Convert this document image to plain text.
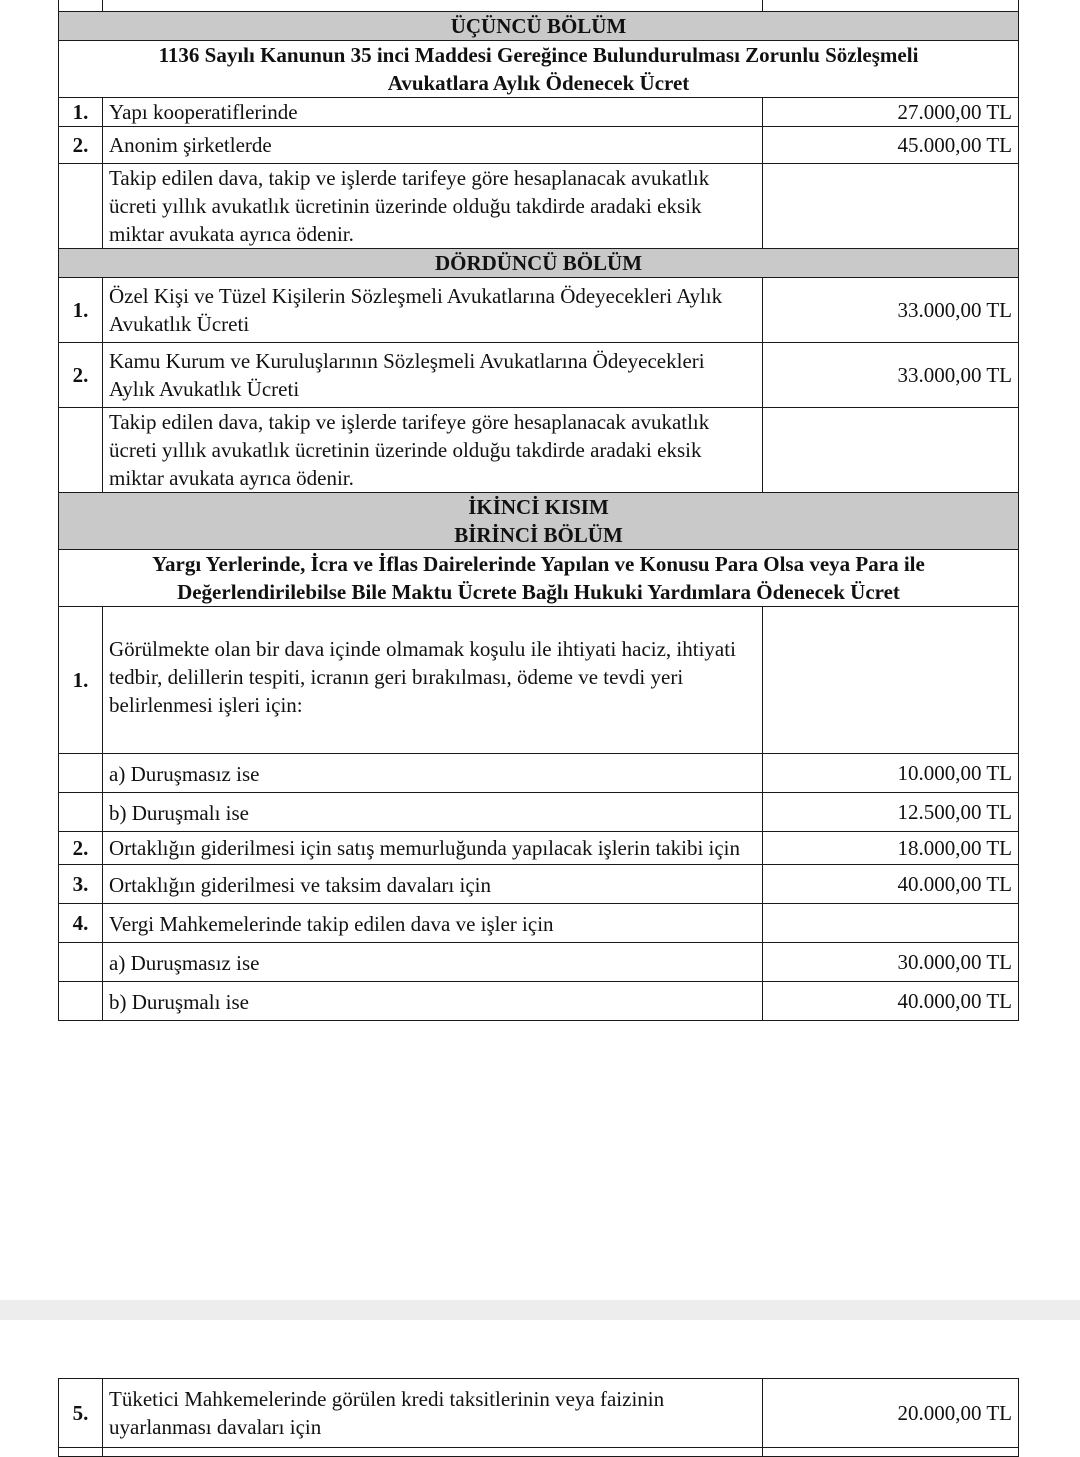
ÜÇÜNCÜ BÖLÜM		
1136 Sayılı Kanunun 35 inci Maddesi Gereğince Bulundurulması Zorunlu Sözleşmeli Avukatlara Aylık Ödenecek Ücret		
1.	Yapı kooperatiflerinde	27.000,00 TL
2.	Anonim şirketlerde	45.000,00 TL
	Takip edilen dava, takip ve işlerde tarifeye göre hesaplanacak avukatlık ücreti yıllık avukatlık ücretinin üzerinde olduğu takdirde aradaki eksik miktar avukata ayrıca ödenir.	
DÖRDÜNCÜ BÖLÜM		
1.	Özel Kişi ve Tüzel Kişilerin Sözleşmeli Avukatlarına Ödeyecekleri Aylık Avukatlık Ücreti	33.000,00 TL
2.	Kamu Kurum ve Kuruluşlarının Sözleşmeli Avukatlarına Ödeyecekleri Aylık Avukatlık Ücreti	33.000,00 TL
	Takip edilen dava, takip ve işlerde tarifeye göre hesaplanacak avukatlık ücreti yıllık avukatlık ücretinin üzerinde olduğu takdirde aradaki eksik miktar avukata ayrıca ödenir.	

İKİNCİ KISIM
BİRİNCİ BÖLÜM		

Yargı Yerlerinde, İcra ve İflas Dairelerinde Yapılan ve Konusu Para Olsa veya Para ile Değerlendirilebilse Bile Maktu Ücrete Bağlı Hukuki Yardımlara Ödenecek Ücret		
1.	Görülmekte olan bir dava içinde olmamak koşulu ile ihtiyati haciz, ihtiyati tedbir, delillerin tespiti, icranın geri bırakılması, ödeme ve tevdi yeri belirlenmesi işleri için:	
	a) Duruşmasız ise	10.000,00 TL
	b) Duruşmalı ise	12.500,00 TL
2.	Ortaklığın giderilmesi için satış memurluğunda yapılacak işlerin takibi için	18.000,00 TL
3.	Ortaklığın giderilmesi ve taksim davaları için	40.000,00 TL
4.	Vergi Mahkemelerinde takip edilen dava ve işler için	
	a) Duruşmasız ise	30.000,00 TL
	b) Duruşmalı ise	40.000,00 TL
5.	Tüketici Mahkemelerinde görülen kredi taksitlerinin veya faizinin uyarlanması davaları için	20.000,00 TL
